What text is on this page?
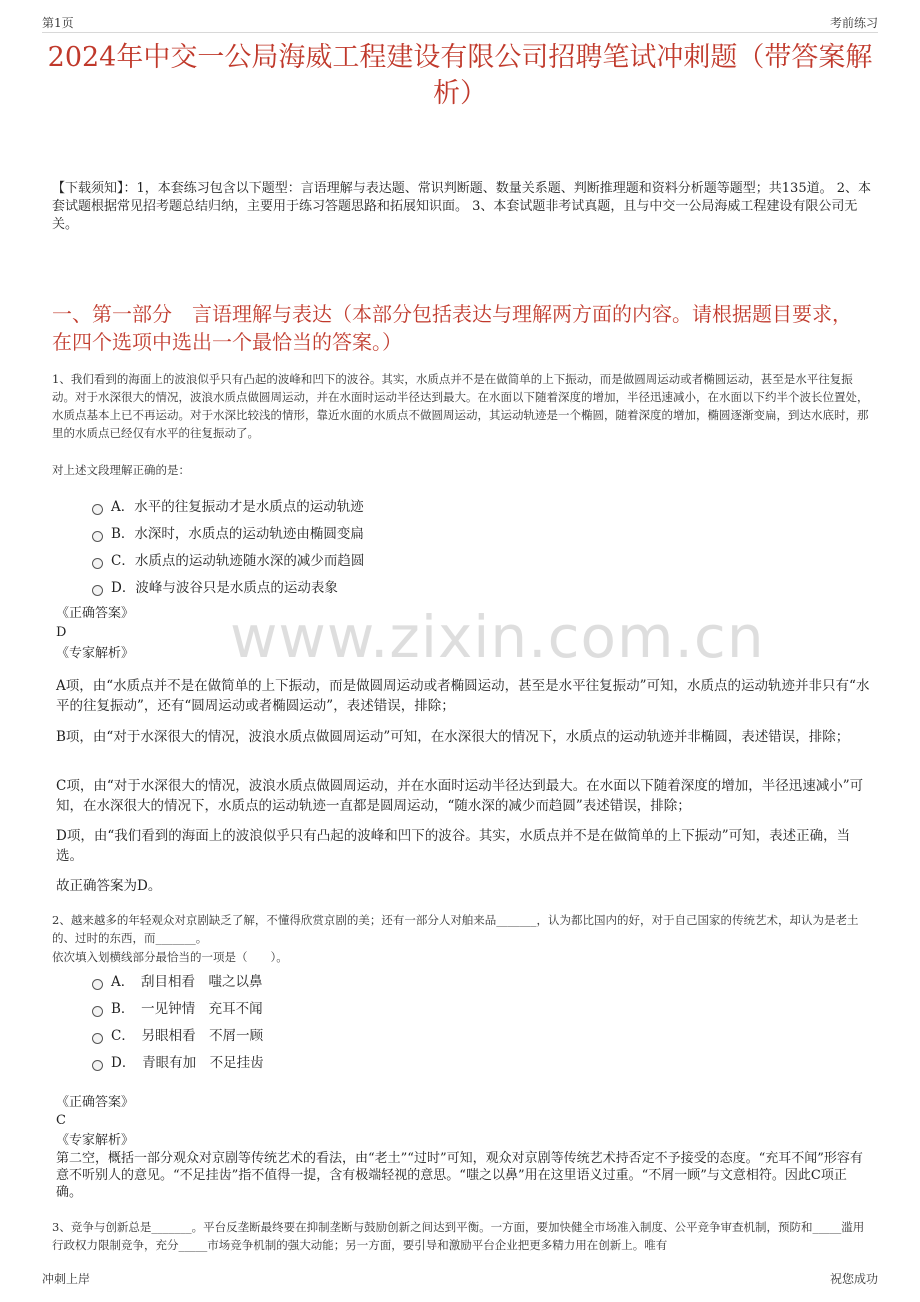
第1页	考前练习
2024年中交一公局海威工程建设有限公司招聘笔试冲刺题（带答案解析）
【下载须知】：1，本套练习包含以下题型：言语理解与表达题、常识判断题、数量关系题、判断推理题和资料分析题等题型；共135道。 2、本套试题根据常见招考题总结归纳，主要用于练习答题思路和拓展知识面。 3、本套试题非考试真题，且与中交一公局海威工程建设有限公司无关。
一、第一部分　言语理解与表达（本部分包括表达与理解两方面的内容。请根据题目要求，在四个选项中选出一个最恰当的答案。）
1、我们看到的海面上的波浪似乎只有凸起的波峰和凹下的波谷。其实，水质点并不是在做简单的上下振动，而是做圆周运动或者椭圆运动，甚至是水平往复振动。对于水深很大的情况，波浪水质点做圆周运动，并在水面时运动半径达到最大。在水面以下随着深度的增加，半径迅速减小，在水面以下约半个波长位置处，水质点基本上已不再运动。对于水深比较浅的情形，靠近水面的水质点不做圆周运动，其运动轨迹是一个椭圆，随着深度的增加，椭圆逐渐变扁，到达水底时，那里的水质点已经仅有水平的往复振动了。
对上述文段理解正确的是：
A．水平的往复振动才是水质点的运动轨迹
B．水深时，水质点的运动轨迹由椭圆变扁
C．水质点的运动轨迹随水深的减少而趋圆
D．波峰与波谷只是水质点的运动表象
《正确答案》
D
《专家解析》
A项，由“水质点并不是在做简单的上下振动，而是做圆周运动或者椭圆运动，甚至是水平往复振动”可知，水质点的运动轨迹并非只有“水平的往复振动”，还有“圆周运动或者椭圆运动”，表述错误，排除；
B项，由“对于水深很大的情况，波浪水质点做圆周运动”可知，在水深很大的情况下，水质点的运动轨迹并非椭圆，表述错误，排除；
C项，由“对于水深很大的情况，波浪水质点做圆周运动，并在水面时运动半径达到最大。在水面以下随着深度的增加，半径迅速减小”可知，在水深很大的情况下，水质点的运动轨迹一直都是圆周运动，“随水深的减少而趋圆”表述错误，排除；
D项，由“我们看到的海面上的波浪似乎只有凸起的波峰和凹下的波谷。其实，水质点并不是在做简单的上下振动”可知，表述正确，当选。
故正确答案为D。
2、越来越多的年轻观众对京剧缺乏了解，不懂得欣赏京剧的美；还有一部分人对舶来品_______，认为都比国内的好，对于自己国家的传统艺术，却认为是老土的、过时的东西，而_______。
依次填入划横线部分最恰当的一项是（　　）。
A．　刮目相看　嗤之以鼻
B．　一见钟情　充耳不闻
C．　另眼相看　不屑一顾
D．　青眼有加　不足挂齿
《正确答案》
C
《专家解析》
第二空，概括一部分观众对京剧等传统艺术的看法，由“老土”“过时”可知，观众对京剧等传统艺术持否定不予接受的态度。“充耳不闻”形容有意不听别人的意见。“不足挂齿”指不值得一提，含有极端轻视的意思。“嗤之以鼻”用在这里语义过重。“不屑一顾”与文意相符。因此C项正确。
3、竞争与创新总是_______。平台反垄断最终要在抑制垄断与鼓励创新之间达到平衡。一方面，要加快健全市场准入制度、公平竞争审查机制，预防和_____滥用行政权力限制竞争，充分_____市场竞争机制的强大动能；另一方面，要引导和激励平台企业把更多精力用在创新上。唯有
www.zixin.com.cn
冲刺上岸	祝您成功
